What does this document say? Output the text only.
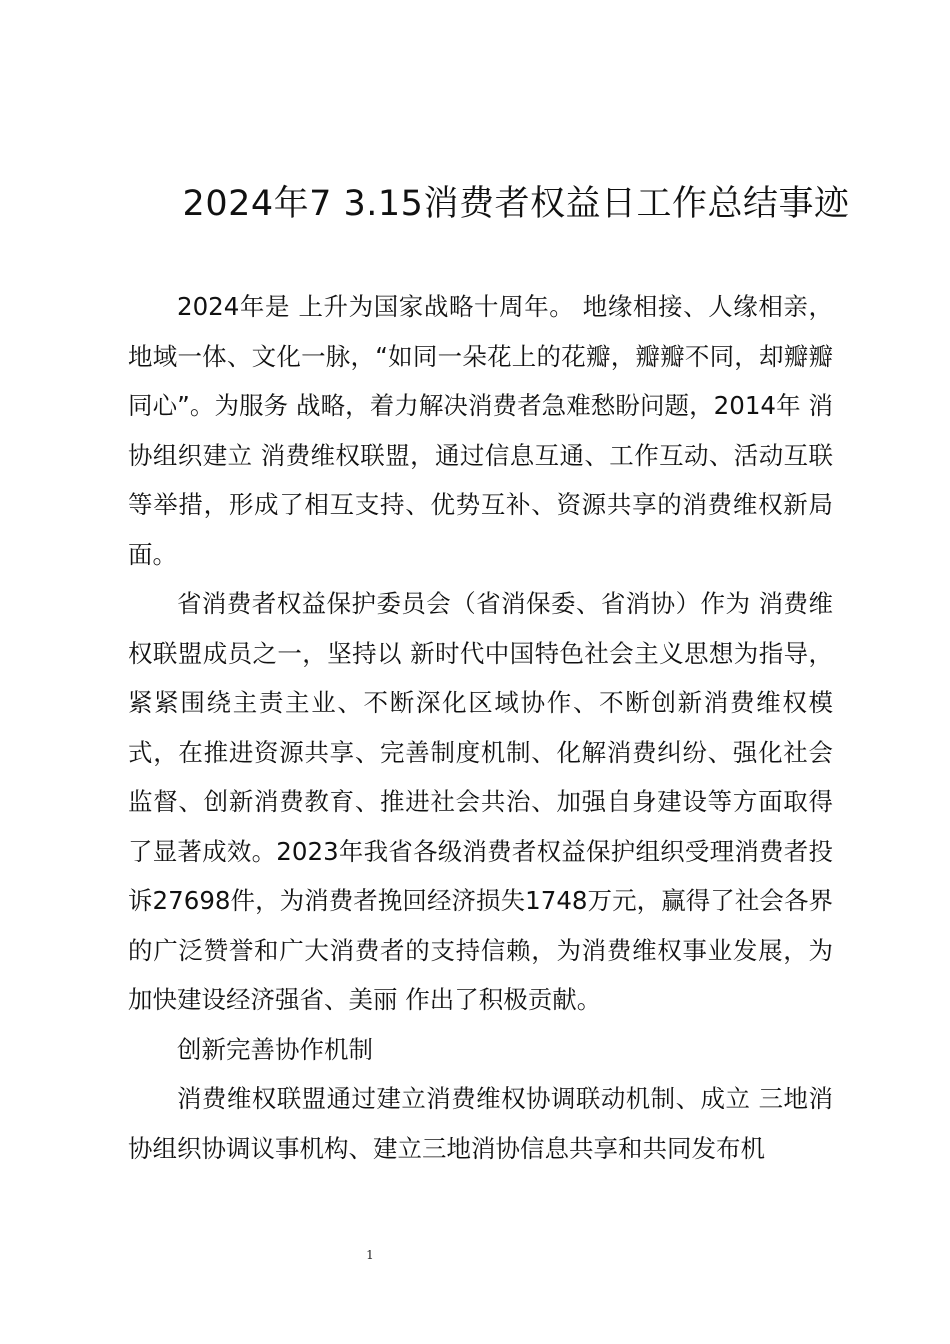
2024年7 3.15消费者权益日工作总结事迹

2024年是 上升为国家战略十周年。 地缘相接、人缘相亲，地域一体、文化一脉，“如同一朵花上的花瓣，瓣瓣不同，却瓣瓣同心”。为服务 战略，着力解决消费者急难愁盼问题，2014年 消协组织建立 消费维权联盟，通过信息互通、工作互动、活动互联等举措，形成了相互支持、优势互补、资源共享的消费维权新局面。

省消费者权益保护委员会（省消保委、省消协）作为 消费维权联盟成员之一，坚持以 新时代中国特色社会主义思想为指导，紧紧围绕主责主业、不断深化区域协作、不断创新消费维权模式，在推进资源共享、完善制度机制、化解消费纠纷、强化社会监督、创新消费教育、推进社会共治、加强自身建设等方面取得了显著成效。2023年我省各级消费者权益保护组织受理消费者投诉27698件，为消费者挽回经济损失1748万元，赢得了社会各界的广泛赞誉和广大消费者的支持信赖，为消费维权事业发展，为加快建设经济强省、美丽 作出了积极贡献。

创新完善协作机制

消费维权联盟通过建立消费维权协调联动机制、成立 三地消协组织协调议事机构、建立三地消协信息共享和共同发布机

1
